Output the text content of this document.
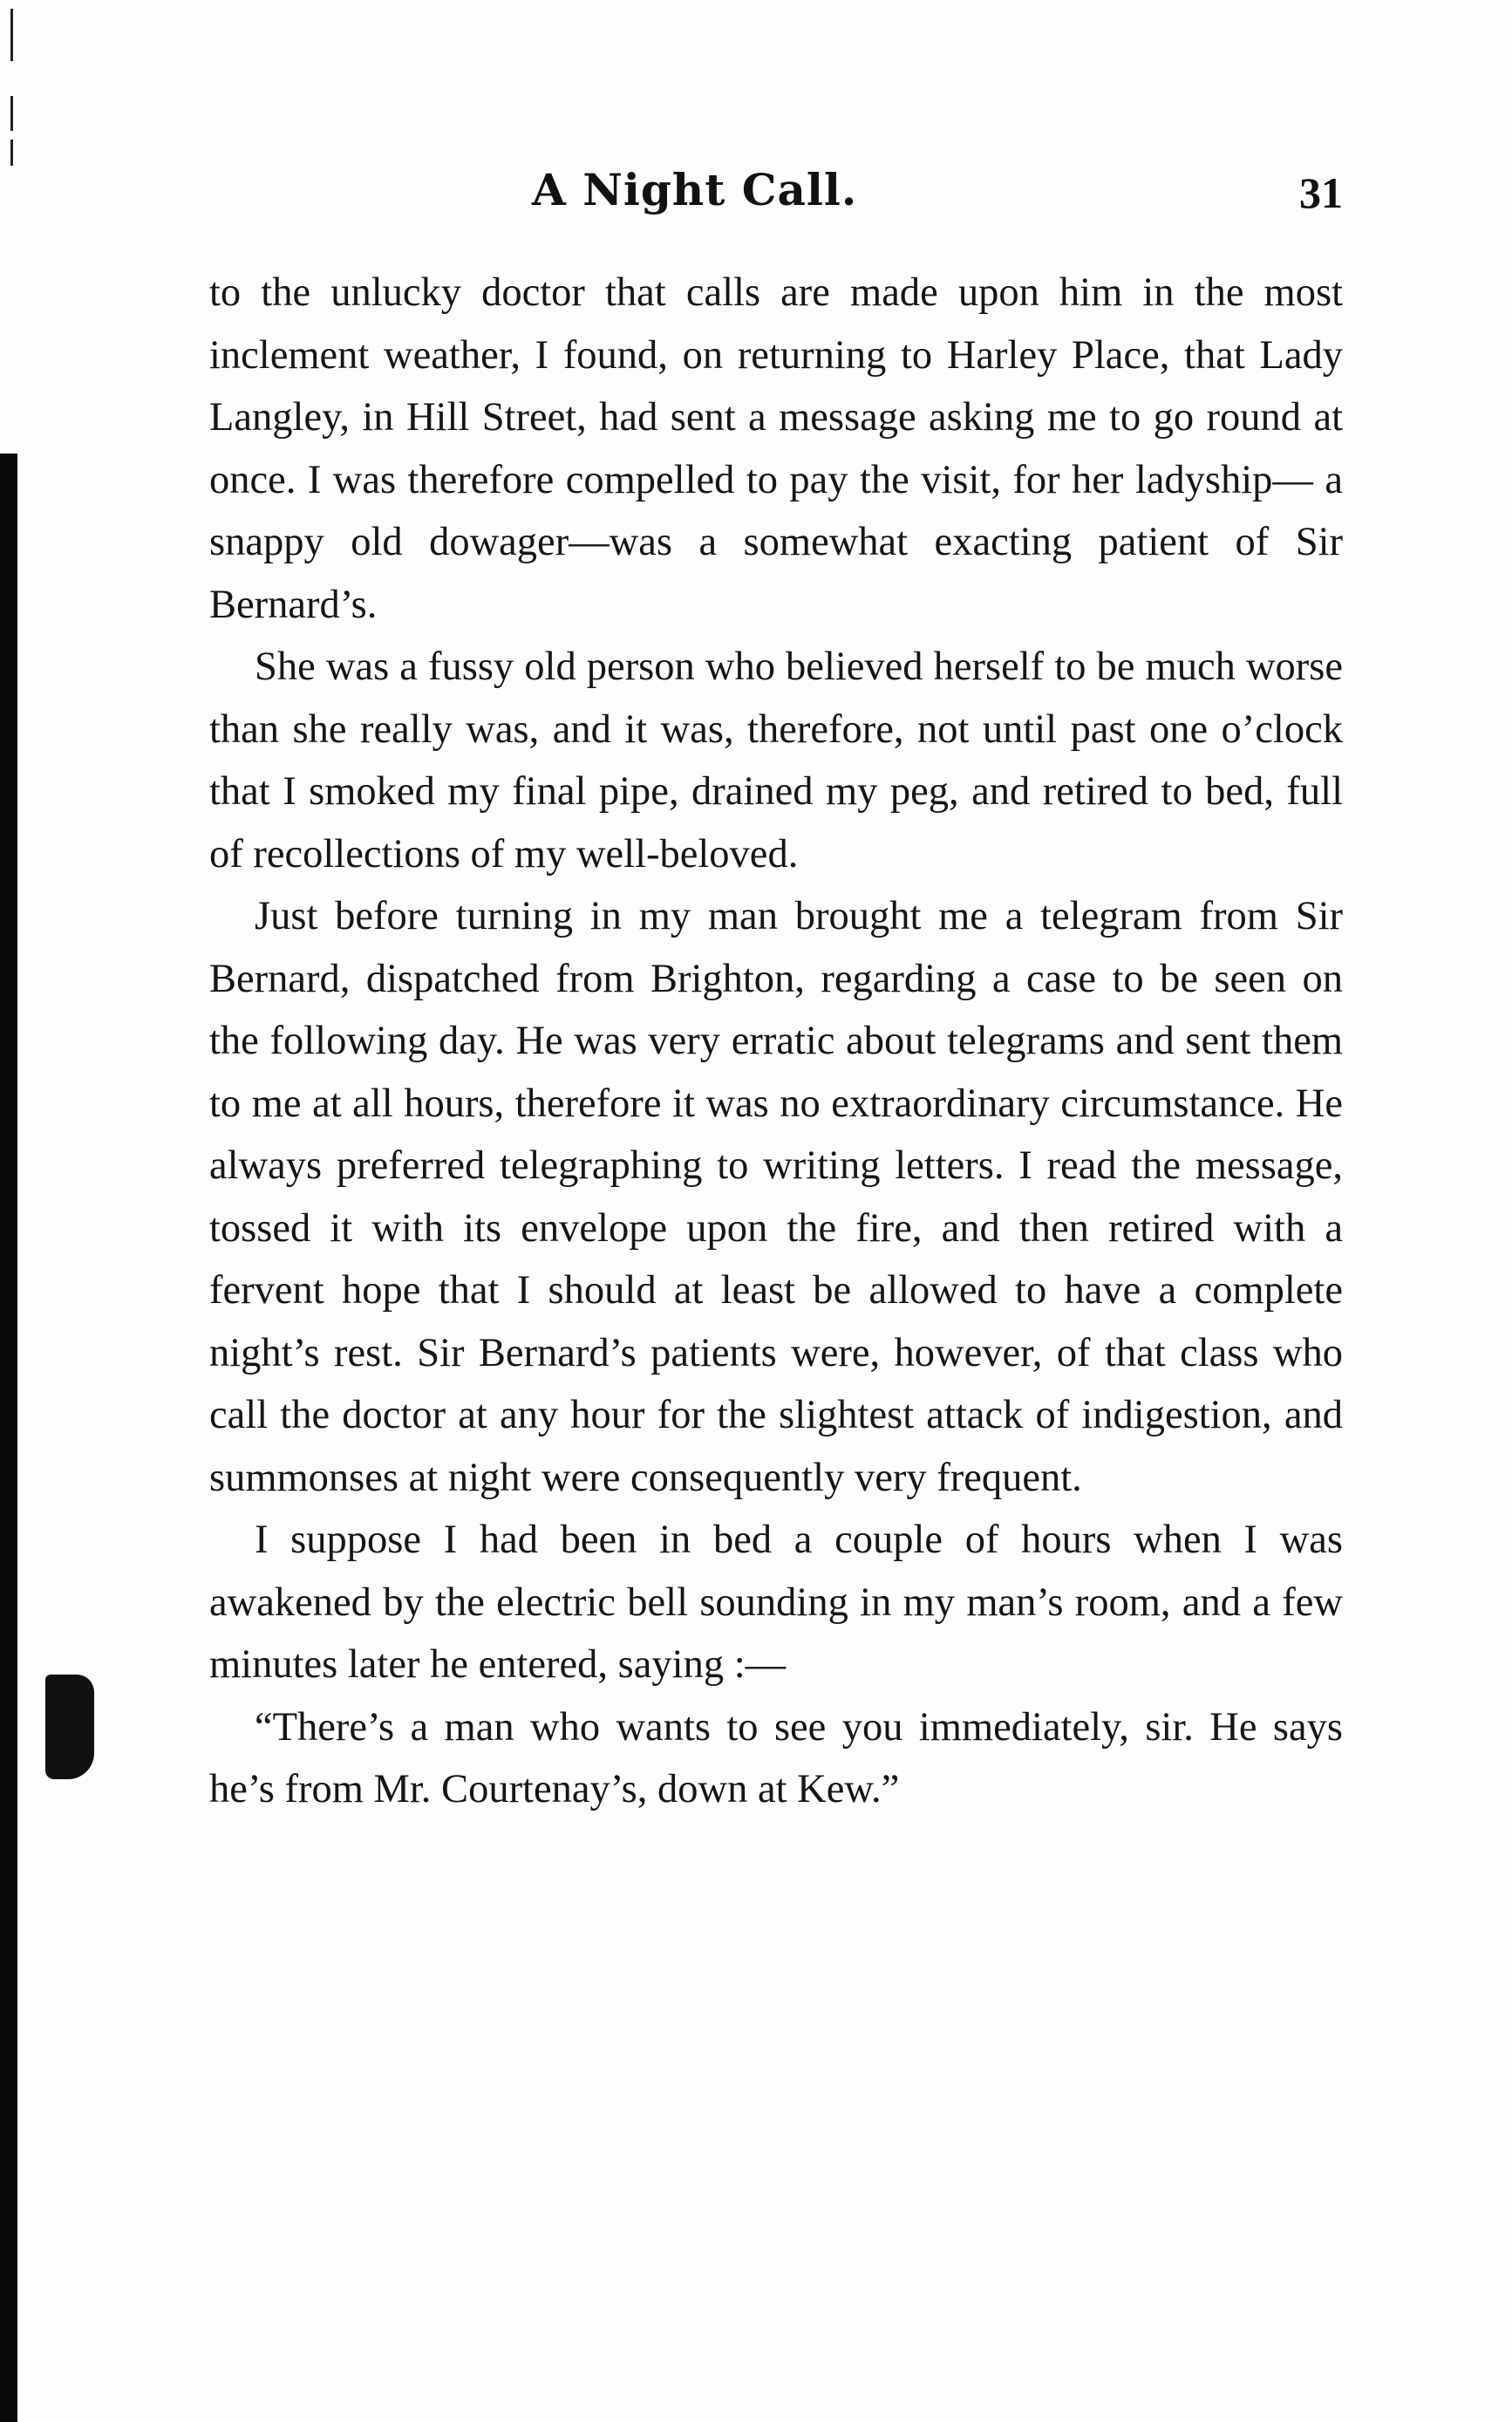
A Night Call.	31

to the unlucky doctor that calls are made upon him in the most inclement weather, I found, on returning to Harley Place, that Lady Langley, in Hill Street, had sent a message asking me to go round at once. I was therefore compelled to pay the visit, for her ladyship— a snappy old dowager—was a somewhat exacting patient of Sir Bernard’s.

She was a fussy old person who believed herself to be much worse than she really was, and it was, therefore, not until past one o’clock that I smoked my final pipe, drained my peg, and retired to bed, full of recollections of my well-beloved.

Just before turning in my man brought me a telegram from Sir Bernard, dispatched from Brighton, regarding a case to be seen on the following day. He was very erratic about telegrams and sent them to me at all hours, therefore it was no extraordinary circumstance. He always preferred telegraphing to writing letters. I read the message, tossed it with its envelope upon the fire, and then retired with a fervent hope that I should at least be allowed to have a complete night’s rest. Sir Bernard’s patients were, however, of that class who call the doctor at any hour for the slightest attack of indigestion, and summonses at night were consequently very frequent.

I suppose I had been in bed a couple of hours when I was awakened by the electric bell sounding in my man’s room, and a few minutes later he entered, saying :—

“There’s a man who wants to see you immediately, sir. He says he’s from Mr. Courtenay’s, down at Kew.”
